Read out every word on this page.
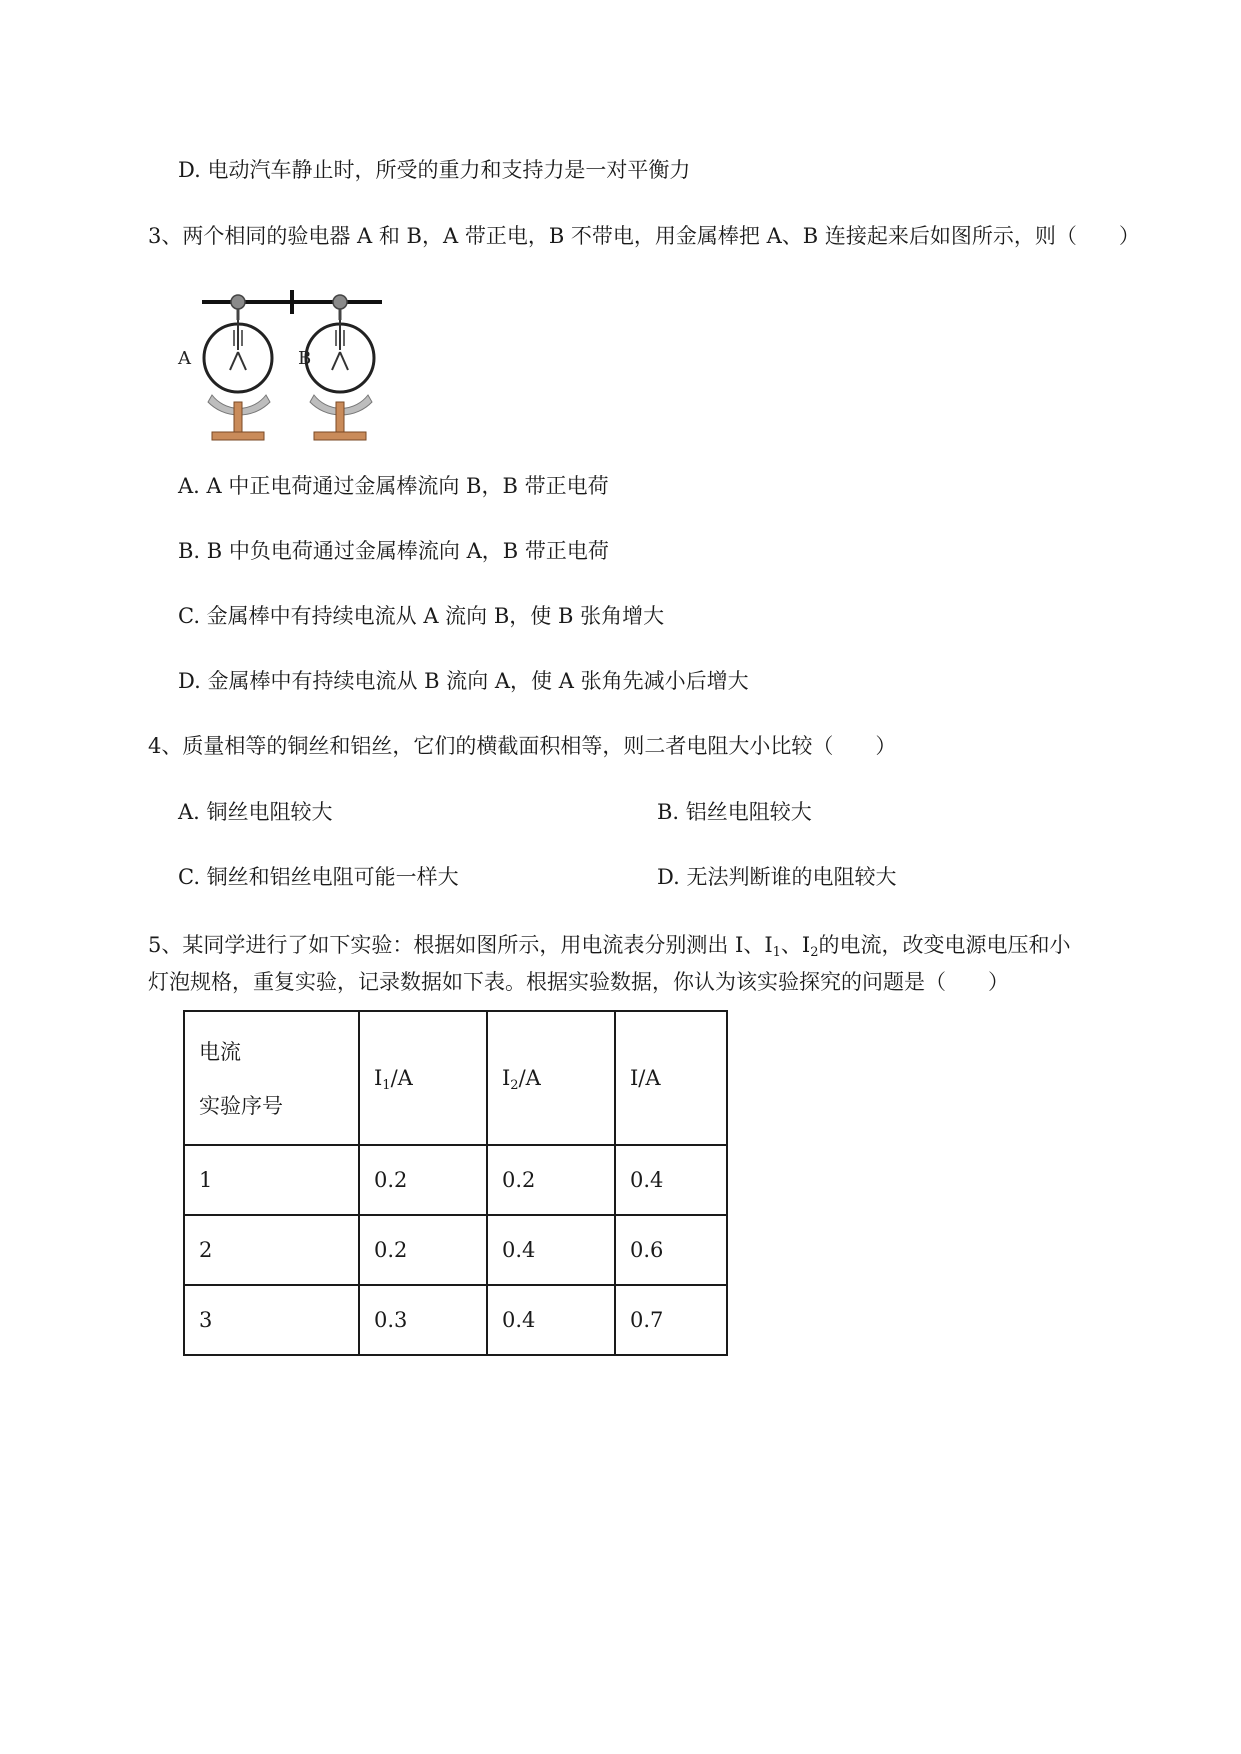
D. 电动汽车静止时，所受的重力和支持力是一对平衡力
3、两个相同的验电器 A 和 B，A 带正电，B 不带电，用金属棒把 A、B 连接起来后如图所示，则（　　）
A	B
A. A 中正电荷通过金属棒流向 B，B 带正电荷
B. B 中负电荷通过金属棒流向 A，B 带正电荷
C. 金属棒中有持续电流从 A 流向 B，使 B 张角增大
D. 金属棒中有持续电流从 B 流向 A，使 A 张角先减小后增大
4、质量相等的铜丝和铝丝，它们的横截面积相等，则二者电阻大小比较（　　）
A. 铜丝电阻较大	B. 铝丝电阻较大
C. 铜丝和铝丝电阻可能一样大	D. 无法判断谁的电阻较大
5、某同学进行了如下实验：根据如图所示，用电流表分别测出 I、$I_1$、$I_2$的电流，改变电源电压和小
灯泡规格，重复实验，记录数据如下表。根据实验数据，你认为该实验探究的问题是（　　）
电流
实验序号	$I_1/A$	$I_2/A$	I/A
1	0.2	0.2	0.4
2	0.2	0.4	0.6
3	0.3	0.4	0.7
